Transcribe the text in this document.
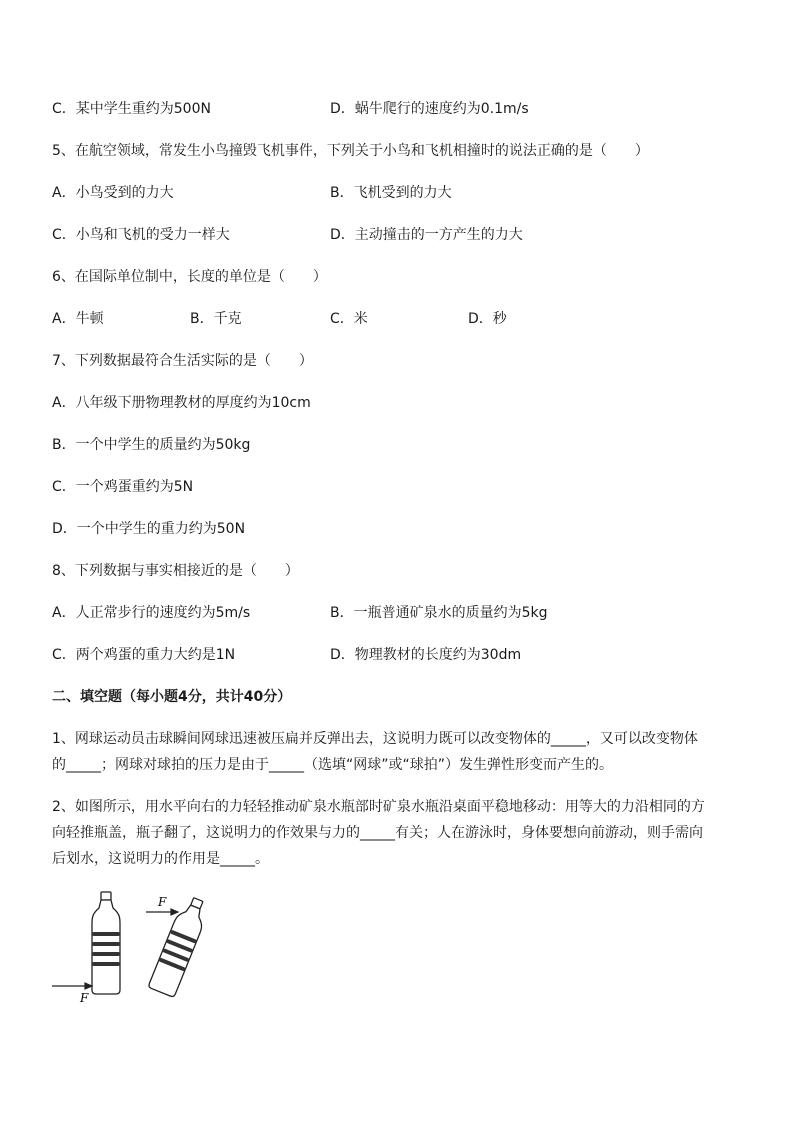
C．某中学生重约为500N	D．蜗牛爬行的速度约为0.1m/s
5、在航空领域，常发生小鸟撞毁飞机事件，下列关于小鸟和飞机相撞时的说法正确的是（　　）
A．小鸟受到的力大	B．飞机受到的力大
C．小鸟和飞机的受力一样大	D．主动撞击的一方产生的力大
6、在国际单位制中，长度的单位是（　　）
A．牛顿	B．千克	C．米	D．秒
7、下列数据最符合生活实际的是（　　）
A．八年级下册物理教材的厚度约为10cm
B．一个中学生的质量约为50kg
C．一个鸡蛋重约为5N
D．一个中学生的重力约为50N
8、下列数据与事实相接近的是（　　）
A．人正常步行的速度约为5m/s	B．一瓶普通矿泉水的质量约为5kg
C．两个鸡蛋的重力大约是1N	D．物理教材的长度约为30dm
二、填空题（每小题4分，共计40分）
1、网球运动员击球瞬间网球迅速被压扁并反弹出去，这说明力既可以改变物体的_____，又可以改变物体
的_____；网球对球拍的压力是由于_____（选填“网球”或“球拍”）发生弹性形变而产生的。
2、如图所示，用水平向右的力轻轻推动矿泉水瓶部时矿泉水瓶沿桌面平稳地移动：用等大的力沿相同的方
向轻推瓶盖，瓶子翻了，这说明力的作效果与力的_____有关；人在游泳时，身体要想向前游动，则手需向
后划水，这说明力的作用是_____。
F
F
